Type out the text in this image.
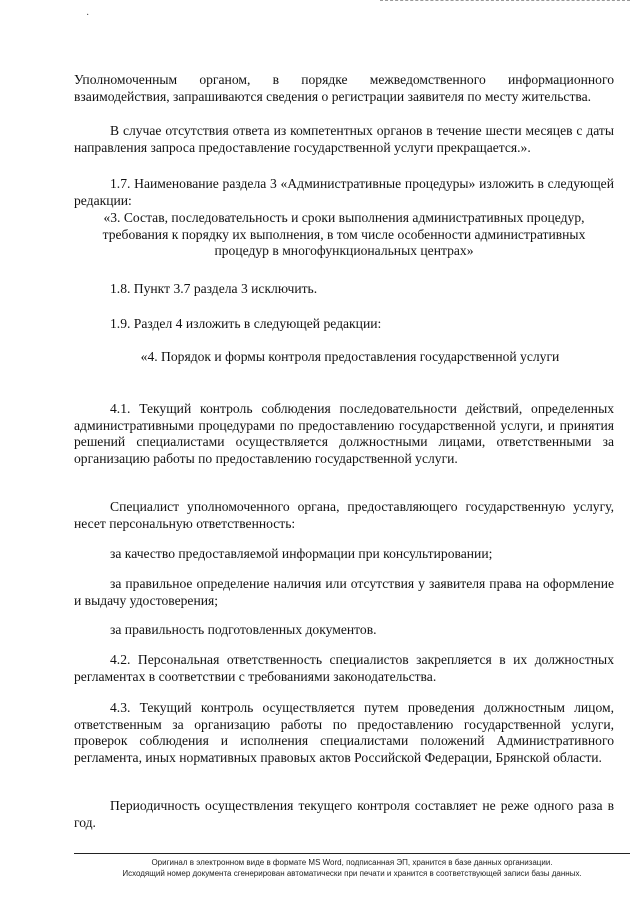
·

Уполномоченным органом, в порядке межведомственного информационного взаимодействия, запрашиваются сведения о регистрации заявителя по месту жительства.

В случае отсутствия ответа из компетентных органов в течение шести месяцев с даты направления запроса предоставление государственной услуги прекращается.».

1.7. Наименование раздела 3 «Административные процедуры» изложить в следующей редакции:

«3. Состав, последовательность и сроки выполнения административных процедур, требования к порядку их выполнения, в том числе особенности административных процедур в многофункциональных центрах»

1.8. Пункт 3.7 раздела 3 исключить.

1.9. Раздел 4 изложить в следующей редакции:

«4. Порядок и формы контроля предоставления государственной услуги

4.1. Текущий контроль соблюдения последовательности действий, определенных административными процедурами по предоставлению государственной услуги, и принятия решений специалистами осуществляется должностными лицами, ответственными за организацию работы по предоставлению государственной услуги.

Специалист уполномоченного органа, предоставляющего государственную услугу, несет персональную ответственность:

за качество предоставляемой информации при консультировании;

за правильное определение наличия или отсутствия у заявителя права на оформление и выдачу удостоверения;

за правильность подготовленных документов.

4.2. Персональная ответственность специалистов закрепляется в их должностных регламентах в соответствии с требованиями законодательства.

4.3. Текущий контроль осуществляется путем проведения должностным лицом, ответственным за организацию работы по предоставлению государственной услуги, проверок соблюдения и исполнения специалистами положений Административного регламента, иных нормативных правовых актов Российской Федерации, Брянской области.

Периодичность осуществления текущего контроля составляет не реже одного раза в год.

Оригинал в электронном виде в формате MS Word, подписанная ЭП, хранится в базе данных организации.
Исходящий номер документа сгенерирован автоматически при печати и хранится в соответствующей записи базы данных.
